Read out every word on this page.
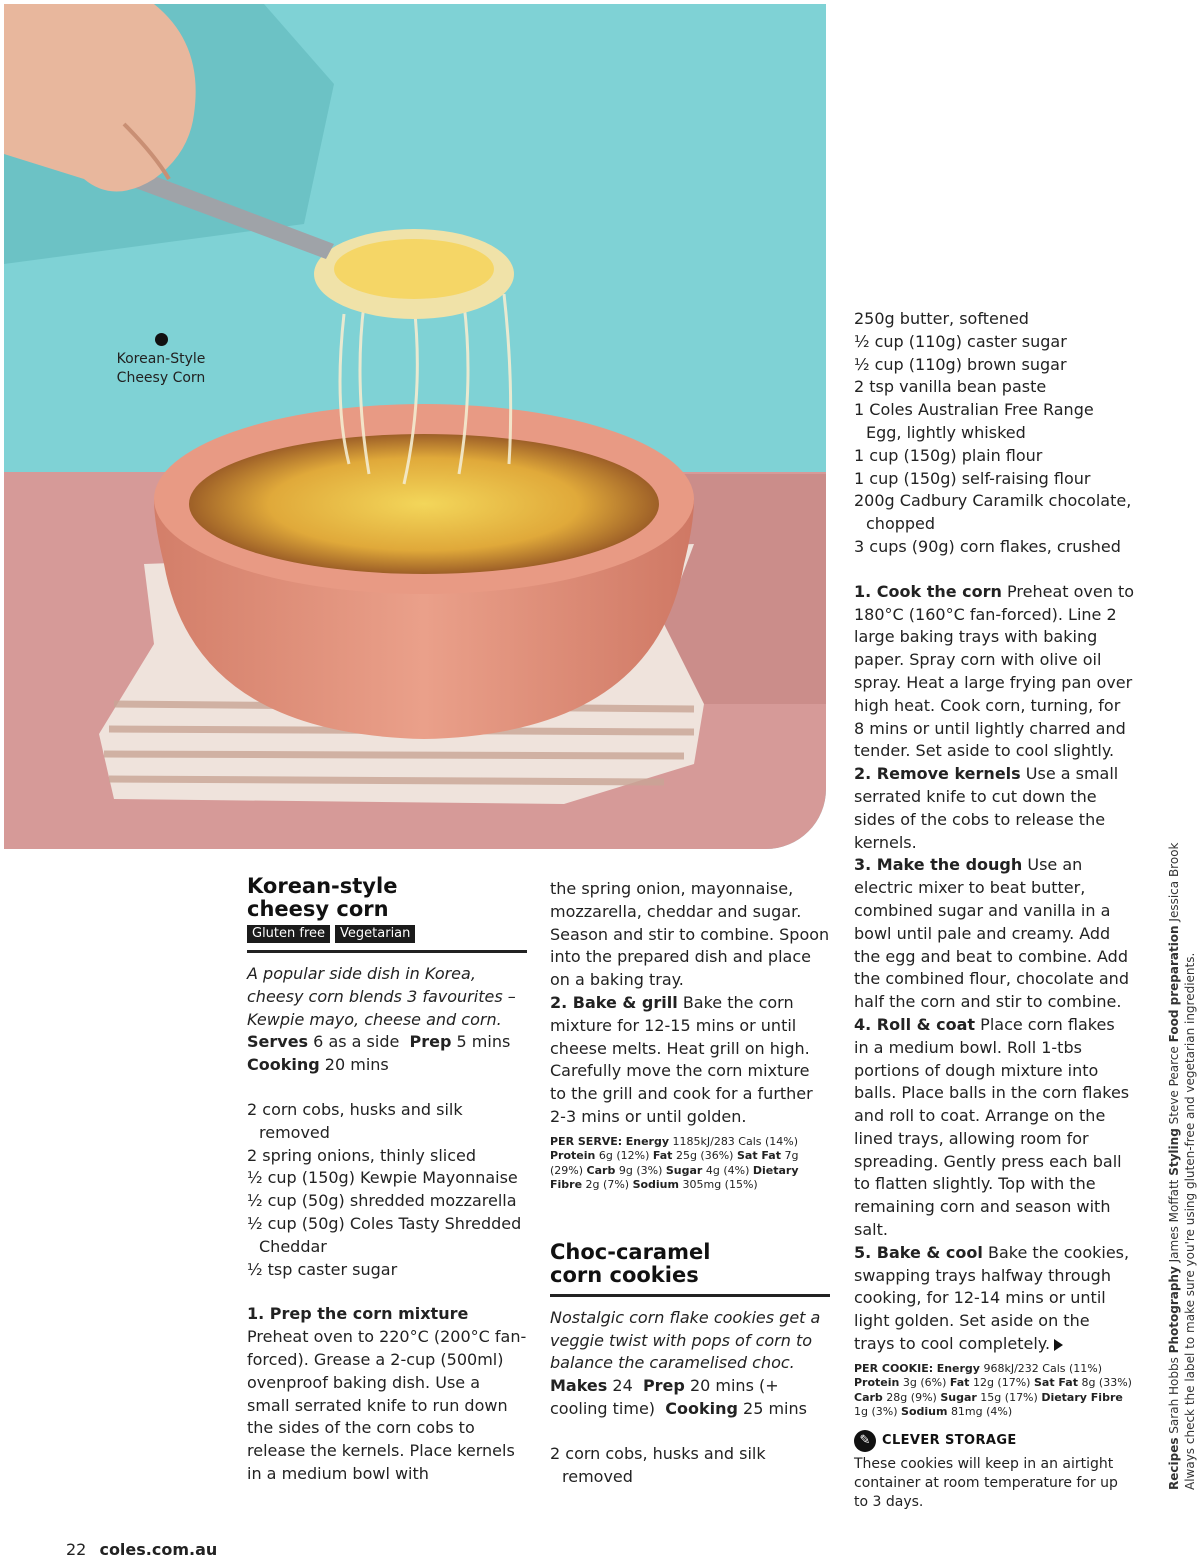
Korean-Style
Cheesy Corn
Korean-style
cheesy corn
Gluten free	Vegetarian

A popular side dish in Korea, cheesy corn blends 3 favourites – Kewpie mayo, cheese and corn.

Serves 6 as a side Prep 5 mins
Cooking 20 mins

2 corn cobs, husks and silk removed
2 spring onions, thinly sliced
½ cup (150g) Kewpie Mayonnaise
½ cup (50g) shredded mozzarella
½ cup (50g) Coles Tasty Shredded Cheddar
½ tsp caster sugar

1. Prep the corn mixture
Preheat oven to 220°C (200°C fan-forced). Grease a 2-cup (500ml) ovenproof baking dish. Use a small serrated knife to run down the sides of the corn cobs to release the kernels. Place kernels in a medium bowl with

the spring onion, mayonnaise, mozzarella, cheddar and sugar. Season and stir to combine. Spoon into the prepared dish and place on a baking tray.

2. Bake & grill Bake the corn mixture for 12-15 mins or until cheese melts. Heat grill on high. Carefully move the corn mixture to the grill and cook for a further 2-3 mins or until golden.

PER SERVE: Energy 1185kJ/283 Cals (14%) Protein 6g (12%) Fat 25g (36%) Sat Fat 7g (29%) Carb 9g (3%) Sugar 4g (4%) Dietary Fibre 2g (7%) Sodium 305mg (15%)
Choc-caramel
corn cookies

Nostalgic corn flake cookies get a veggie twist with pops of corn to balance the caramelised choc.

Makes 24 Prep 20 mins (+ cooling time) Cooking 25 mins

2 corn cobs, husks and silk removed
250g butter, softened
½ cup (110g) caster sugar
½ cup (110g) brown sugar
2 tsp vanilla bean paste
1 Coles Australian Free Range Egg, lightly whisked
1 cup (150g) plain flour
1 cup (150g) self-raising flour
200g Cadbury Caramilk chocolate, chopped
3 cups (90g) corn flakes, crushed

1. Cook the corn Preheat oven to 180°C (160°C fan-forced). Line 2 large baking trays with baking paper. Spray corn with olive oil spray. Heat a large frying pan over high heat. Cook corn, turning, for 8 mins or until lightly charred and tender. Set aside to cool slightly.

2. Remove kernels Use a small serrated knife to cut down the sides of the cobs to release the kernels.

3. Make the dough Use an electric mixer to beat butter, combined sugar and vanilla in a bowl until pale and creamy. Add the egg and beat to combine. Add the combined flour, chocolate and half the corn and stir to combine.

4. Roll & coat Place corn flakes in a medium bowl. Roll 1-tbs portions of dough mixture into balls. Place balls in the corn flakes and roll to coat. Arrange on the lined trays, allowing room for spreading. Gently press each ball to flatten slightly. Top with the remaining corn and season with salt.

5. Bake & cool Bake the cookies, swapping trays halfway through cooking, for 12-14 mins or until light golden. Set aside on the trays to cool completely.

PER COOKIE: Energy 968kJ/232 Cals (11%) Protein 3g (6%) Fat 12g (17%) Sat Fat 8g (33%) Carb 28g (9%) Sugar 15g (17%) Dietary Fibre 1g (3%) Sodium 81mg (4%)
✎ CLEVER STORAGE

These cookies will keep in an airtight container at room temperature for up to 3 days.

Recipes Sarah Hobbs Photography James Moffatt Styling Steve Pearce Food preparation Jessica Brook
Always check the label to make sure you're using gluten-free and vegetarian ingredients.
22 coles.com.au
